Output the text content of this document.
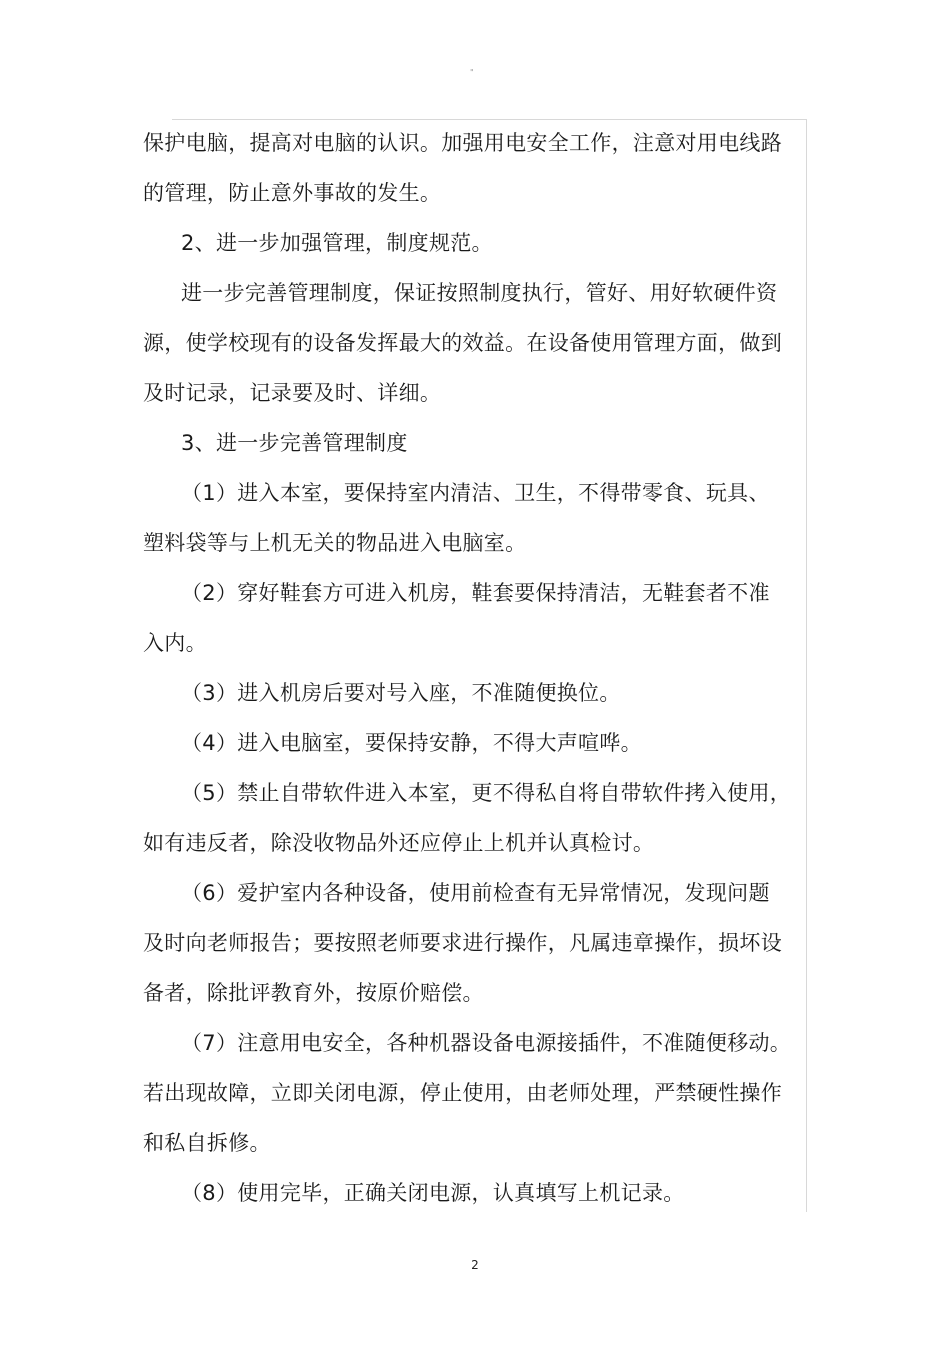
"
保护电脑，提高对电脑的认识。加强用电安全工作，注意对用电线路
的管理，防止意外事故的发生。
2、进一步加强管理，制度规范。
进一步完善管理制度，保证按照制度执行，管好、用好软硬件资
源，使学校现有的设备发挥最大的效益。在设备使用管理方面，做到
及时记录，记录要及时、详细。
3、进一步完善管理制度
（1）进入本室，要保持室内清洁、卫生，不得带零食、玩具、
塑料袋等与上机无关的物品进入电脑室。
（2）穿好鞋套方可进入机房，鞋套要保持清洁，无鞋套者不准
入内。
（3）进入机房后要对号入座，不准随便换位。
（4）进入电脑室，要保持安静，不得大声喧哗。
（5）禁止自带软件进入本室，更不得私自将自带软件拷入使用，
如有违反者，除没收物品外还应停止上机并认真检讨。
（6）爱护室内各种设备，使用前检查有无异常情况，发现问题
及时向老师报告；要按照老师要求进行操作，凡属违章操作，损坏设
备者，除批评教育外，按原价赔偿。
（7）注意用电安全，各种机器设备电源接插件，不准随便移动。
若出现故障，立即关闭电源，停止使用，由老师处理，严禁硬性操作
和私自拆修。
（8）使用完毕，正确关闭电源，认真填写上机记录。
2
